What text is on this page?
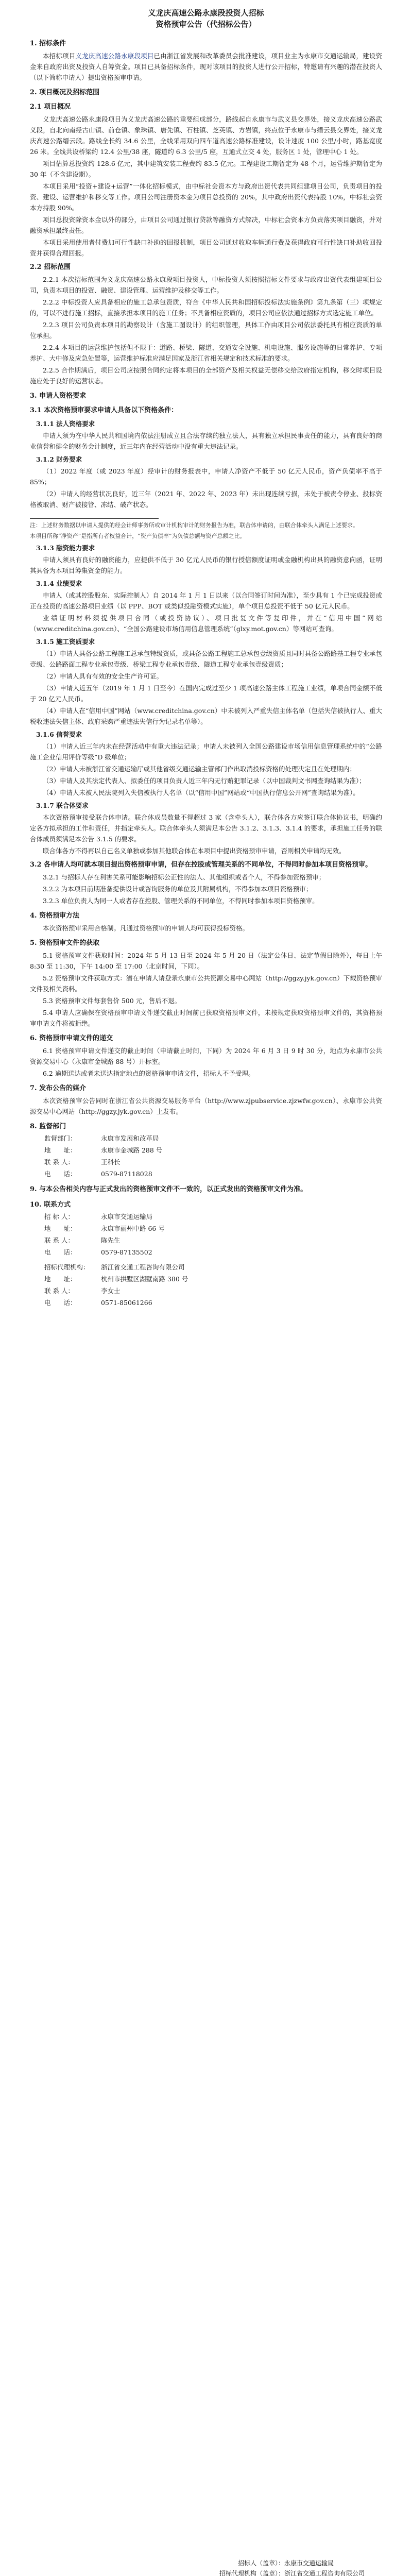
义龙庆高速公路永康段投资人招标
资格预审公告（代招标公告）
1. 招标条件
本招标项目义龙庆高速公路永康段项目已由浙江省发展和改革委员会批准建设，项目业主为永康市交通运输局，建设资金来自政府出资及投资人自筹资金。项目已具备招标条件，现对该项目的投资人进行公开招标，特邀请有兴趣的潜在投资人（以下简称申请人）提出资格预审申请。
2. 项目概况及招标范围
2.1 项目概况
义龙庆高速公路永康段项目为义龙庆高速公路的重要组成部分，路线起自永康市与武义县交界处，接义龙庆高速公路武义段，自北向南经古山镇、前仓镇、象珠镇、唐先镇、石柱镇、芝英镇、方岩镇，终点位于永康市与缙云县交界处，接义龙庆高速公路缙云段。路线全长约 34.6 公里，全线采用双向四车道高速公路标准建设，设计速度 100 公里/小时，路基宽度 26 米。全线共设桥梁约 12.4 公里/38 座，隧道约 6.3 公里/5 座，互通式立交 4 处，服务区 1 处，管理中心 1 处。
项目估算总投资约 128.6 亿元，其中建筑安装工程费约 83.5 亿元。工程建设工期暂定为 48 个月，运营维护期暂定为 30 年（不含建设期）。
本项目采用“投资+建设+运营”一体化招标模式，由中标社会资本方与政府出资代表共同组建项目公司，负责项目的投资、建设、运营维护和移交等工作。项目公司注册资本金为项目总投资的 20%，其中政府出资代表持股 10%，中标社会资本方持股 90%。
项目总投资除资本金以外的部分，由项目公司通过银行贷款等融资方式解决，中标社会资本方负责落实项目融资，并对融资承担最终责任。
本项目采用使用者付费加可行性缺口补助的回报机制，项目公司通过收取车辆通行费及获得政府可行性缺口补助收回投资并获得合理回报。
2.2 招标范围
2.2.1 本次招标范围为义龙庆高速公路永康段项目投资人，中标投资人须按照招标文件要求与政府出资代表组建项目公司，负责本项目的投资、融资、建设管理、运营维护及移交等工作。
2.2.2 中标投资人应具备相应的施工总承包资质，符合《中华人民共和国招标投标法实施条例》第九条第（三）项规定的，可以不进行施工招标，直接承担本项目的施工任务；不具备相应资质的，项目公司应依法通过招标方式选定施工单位。
2.2.3 项目公司负责本项目的勘察设计（含施工图设计）的组织管理，具体工作由项目公司依法委托具有相应资质的单位承担。
2.2.4 本项目的运营维护包括但不限于：道路、桥梁、隧道、交通安全设施、机电设施、服务设施等的日常养护、专项养护、大中修及应急处置等，运营维护标准应满足国家及浙江省相关规定和技术标准的要求。
2.2.5 合作期满后，项目公司应按照合同约定将本项目的全部资产及相关权益无偿移交给政府指定机构，移交时项目设施应处于良好的运营状态。
3. 申请人资格要求
3.1 本次资格预审要求申请人具备以下资格条件：
3.1.1 法人资格要求
申请人须为在中华人民共和国境内依法注册成立且合法存续的独立法人，具有独立承担民事责任的能力，具有良好的商业信誉和健全的财务会计制度，近三年内在经营活动中没有重大违法记录。
3.1.2 财务要求
（1）2022 年度（或 2023 年度）经审计的财务报表中，申请人净资产不低于 50 亿元人民币，资产负债率不高于 85%；
（2）申请人的经营状况良好，近三年（2021 年、2022 年、2023 年）未出现连续亏损，未处于被责令停业、投标资格被取消、财产被接管、冻结、破产状态。
注：上述财务数据以申请人提供的经会计师事务所或审计机构审计的财务报告为准，联合体申请的，由联合体牵头人满足上述要求。
本项目所称“净资产”是指所有者权益合计，“资产负债率”为负债总额与资产总额之比。
3.1.3 融资能力要求
申请人须具有良好的融资能力，应提供不低于 30 亿元人民币的银行授信额度证明或金融机构出具的融资意向函，证明其具备为本项目筹集资金的能力。
3.1.4 业绩要求
申请人（或其控股股东、实际控制人）自 2014 年 1 月 1 日以来（以合同签订时间为准），至少具有 1 个已完成投资或正在投资的高速公路项目业绩（以 PPP、BOT 或类似投融资模式实施），单个项目总投资不低于 50 亿元人民币。
业绩证明材料须提供项目合同（或投资协议）、项目批复文件等复印件，并在“信用中国”网站（www.creditchina.gov.cn）、“全国公路建设市场信用信息管理系统”（glxy.mot.gov.cn）等网站可查询。
3.1.5 施工资质要求
（1）申请人具备公路工程施工总承包特级资质，或具备公路工程施工总承包壹级资质且同时具备公路路基工程专业承包壹级、公路路面工程专业承包壹级、桥梁工程专业承包壹级、隧道工程专业承包壹级资质；
（2）申请人具有有效的安全生产许可证。
（3）申请人近五年（2019 年 1 月 1 日至今）在国内完成过至少 1 项高速公路主体工程施工业绩，单项合同金额不低于 20 亿元人民币。
（4）申请人在“信用中国”网站（www.creditchina.gov.cn）中未被列入严重失信主体名单（包括失信被执行人、重大税收违法失信主体、政府采购严重违法失信行为记录名单等）。
3.1.6 信誉要求
（1）申请人近三年内未在经营活动中有重大违法记录；申请人未被列入全国公路建设市场信用信息管理系统中的“公路施工企业信用评价等级”D 级单位；
（2）申请人未被浙江省交通运输厅或其他省级交通运输主管部门作出取消投标资格的处理决定且在处理期内；
（3）申请人及其法定代表人、拟委任的项目负责人近三年内无行贿犯罪记录（以中国裁判文书网查询结果为准）；
（4）申请人未被人民法院列入失信被执行人名单（以“信用中国”网站或“中国执行信息公开网”查询结果为准）。
3.1.7 联合体要求
本次资格预审接受联合体申请。联合体成员数量不得超过 3 家（含牵头人），联合体各方应签订联合体协议书，明确约定各方拟承担的工作和责任，并指定牵头人。联合体牵头人须满足本公告 3.1.2、3.1.3、3.1.4 的要求，承担施工任务的联合体成员须满足本公告 3.1.5 的要求。
联合体各方不得再以自己名义单独或参加其他联合体在本项目中提出资格预审申请，否则相关申请均无效。
3.2 各申请人均可就本项目提出资格预审申请，但存在控股或管理关系的不同单位，不得同时参加本项目资格预审。
3.2.1 与招标人存在利害关系可能影响招标公正性的法人、其他组织或者个人，不得参加资格预审；
3.2.2 为本项目前期准备提供设计或咨询服务的单位及其附属机构，不得参加本项目资格预审；
3.2.3 单位负责人为同一人或者存在控股、管理关系的不同单位，不得同时参加本项目资格预审。
4. 资格预审方法
本次资格预审采用合格制。凡通过资格预审的申请人均可获得投标资格。
5. 资格预审文件的获取
5.1 资格预审文件获取时间：2024 年 5 月 13 日至 2024 年 5 月 20 日（法定公休日、法定节假日除外），每日上午 8:30 至 11:30，下午 14:00 至 17:00（北京时间，下同）。
5.2 资格预审文件获取方式：潜在申请人请登录永康市公共资源交易中心网站（http://ggzy.jyk.gov.cn）下载资格预审文件及相关资料。
5.3 资格预审文件每套售价 500 元，售后不退。
5.4 申请人应确保在资格预审申请文件递交截止时间前已获取资格预审文件，未按规定获取资格预审文件的，其资格预审申请文件将被拒绝。
6. 资格预审申请文件的递交
6.1 资格预审申请文件递交的截止时间（申请截止时间，下同）为 2024 年 6 月 3 日 9 时 30 分，地点为永康市公共资源交易中心（永康市金城路 88 号）开标室。
6.2 逾期送达或者未送达指定地点的资格预审申请文件，招标人不予受理。
7. 发布公告的媒介
本次资格预审公告同时在浙江省公共资源交易服务平台（http://www.zjpubservice.zjzwfw.gov.cn）、永康市公共资源交易中心网站（http://ggzy.jyk.gov.cn）上发布。
8. 监督部门
监督部门：	永康市发展和改革局
地　　址：	永康市金城路 288 号
联 系 人：	王科长
电　　话：	0579-87118028
9. 与本公告相关内容与正式发出的资格预审文件不一致的，以正式发出的资格预审文件为准。
10. 联系方式
招 标 人：	永康市交通运输局
地　　址：	永康市丽州中路 66 号
联 系 人：	陈先生
电　　话：	0579-87135502
招标代理机构：	浙江省交通工程咨询有限公司
地　　址：	杭州市拱墅区湖墅南路 380 号
联 系 人：	李女士
电　　话：	0571-85061266
招标人（盖章）： 永康市交通运输局
招标代理机构（盖章）： 浙江省交通工程咨询有限公司
